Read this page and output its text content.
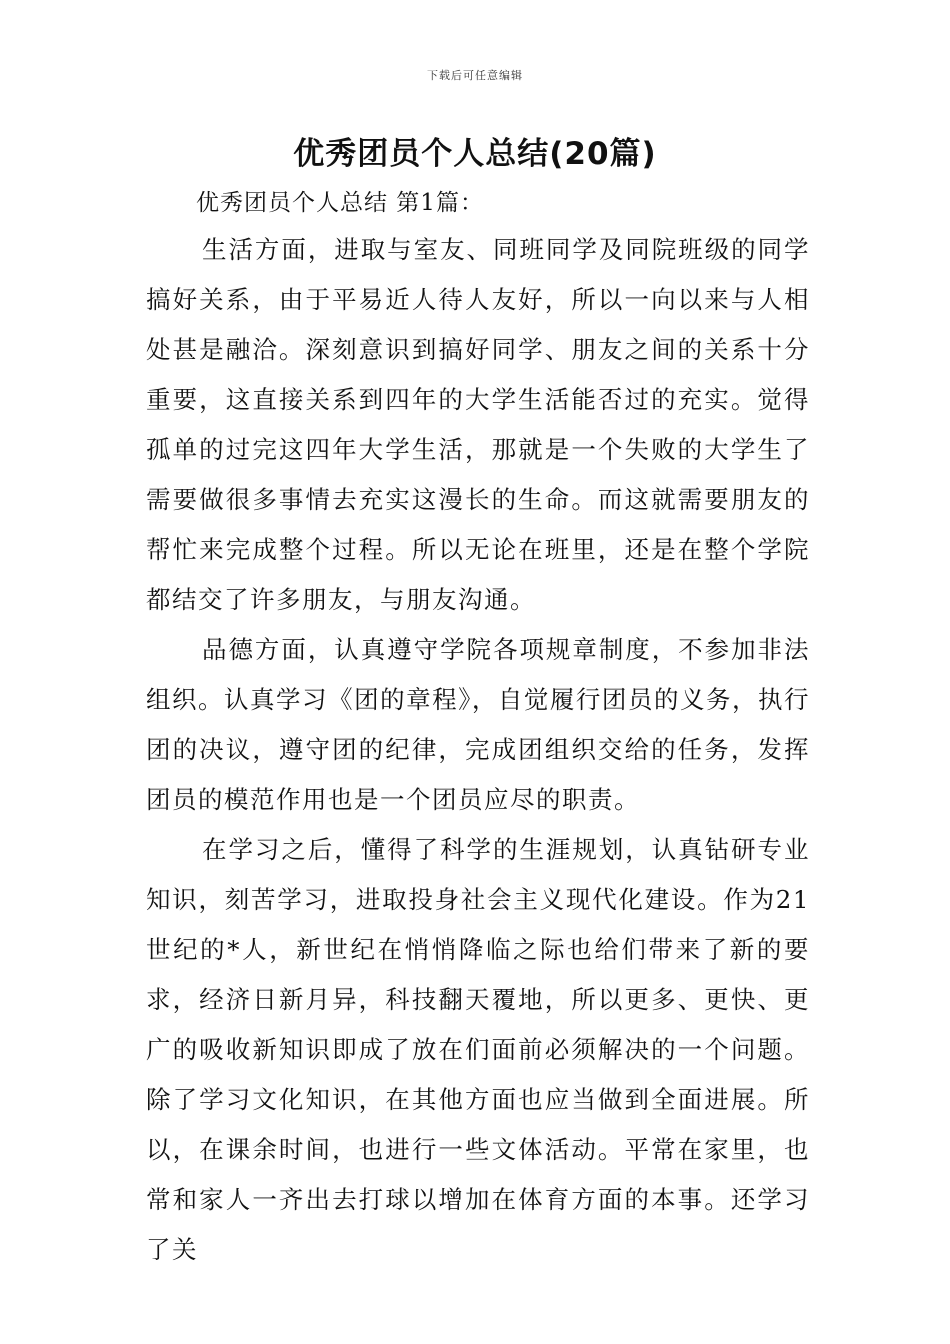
下载后可任意编辑
优秀团员个人总结(20篇)
优秀团员个人总结 第1篇：

生活方面，进取与室友、同班同学及同院班级的同学搞好关系，由于平易近人待人友好，所以一向以来与人相处甚是融洽。深刻意识到搞好同学、朋友之间的关系十分重要，这直接关系到四年的大学生活能否过的充实。觉得孤单的过完这四年大学生活，那就是一个失败的大学生了需要做很多事情去充实这漫长的生命。而这就需要朋友的帮忙来完成整个过程。所以无论在班里，还是在整个学院都结交了许多朋友，与朋友沟通。

品德方面，认真遵守学院各项规章制度，不参加非法组织。认真学习《团的章程》，自觉履行团员的义务，执行团的决议，遵守团的纪律，完成团组织交给的任务，发挥团员的模范作用也是一个团员应尽的职责。

在学习之后，懂得了科学的生涯规划，认真钻研专业知识，刻苦学习，进取投身社会主义现代化建设。作为21世纪的*人，新世纪在悄悄降临之际也给们带来了新的要求，经济日新月异，科技翻天覆地，所以更多、更快、更广的吸收新知识即成了放在们面前必须解决的一个问题。除了学习文化知识，在其他方面也应当做到全面进展。所以，在课余时间，也进行一些文体活动。平常在家里，也常和家人一齐出去打球以增加在体育方面的本事。还学习了关
